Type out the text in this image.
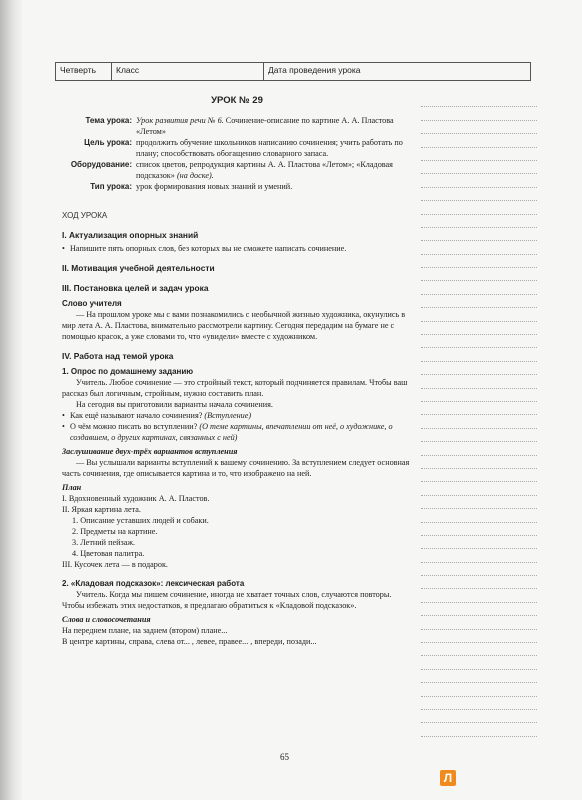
Четверть	Класс	Дата проведения урока
УРОК № 29
Тема урока: Урок развития речи № 6. Сочинение-описание по картине А. А. Пластова «Летом»
Цель урока: продолжить обучение школьников написанию сочинения; учить работать по плану; способствовать обогащению словарного запаса.
Оборудование: список цветов, репродукция картины А. А. Пластова «Летом»; «Кладовая подсказок» (на доске).
Тип урока: урок формирования новых знаний и умений.
ХОД УРОКА
I. Актуализация опорных знаний
• Напишите пять опорных слов, без которых вы не сможете написать сочинение.
II. Мотивация учебной деятельности
III. Постановка целей и задач урока
Слово учителя

— На прошлом уроке мы с вами познакомились с необычной жизнью художника, окунулись в мир лета А. А. Пластова, внимательно рассмотрели картину. Сегодня передадим на бумаге не с помощью красок, а уже словами то, что «увидели» вместе с художником.

IV. Работа над темой урока
1. Опрос по домашнему заданию

Учитель. Любое сочинение — это стройный текст, который подчиняется правилам. Чтобы ваш рассказ был логичным, стройным, нужно составить план.

На сегодня вы приготовили варианты начала сочинения.

• Как ещё называют начало сочинения? (Вступление)
• О чём можно писать во вступлении? (О теме картины, впечатлении от неё, о художнике, о создавшем, о других картинах, связанных с ней)
Заслушивание двух-трёх вариантов вступления

— Вы услышали варианты вступлений к вашему сочинению. За вступлением следует основная часть сочинения, где описывается картина и то, что изображено на ней.

План
I. Вдохновенный художник А. А. Пластов.
II. Яркая картина лета.
1. Описание уставших людей и собаки.
2. Предметы на картине.
3. Летний пейзаж.
4. Цветовая палитра.
III. Кусочек лета — в подарок.
2. «Кладовая подсказок»: лексическая работа

Учитель. Когда мы пишем сочинение, иногда не хватает точных слов, случаются повторы. Чтобы избежать этих недостатков, я предлагаю обратиться к «Кладовой подсказок».

Слова и словосочетания
На переднем плане, на заднем (втором) плане...
В центре картины, справа, слева от... , левее, правее... , впереди, позади...
65
Л
